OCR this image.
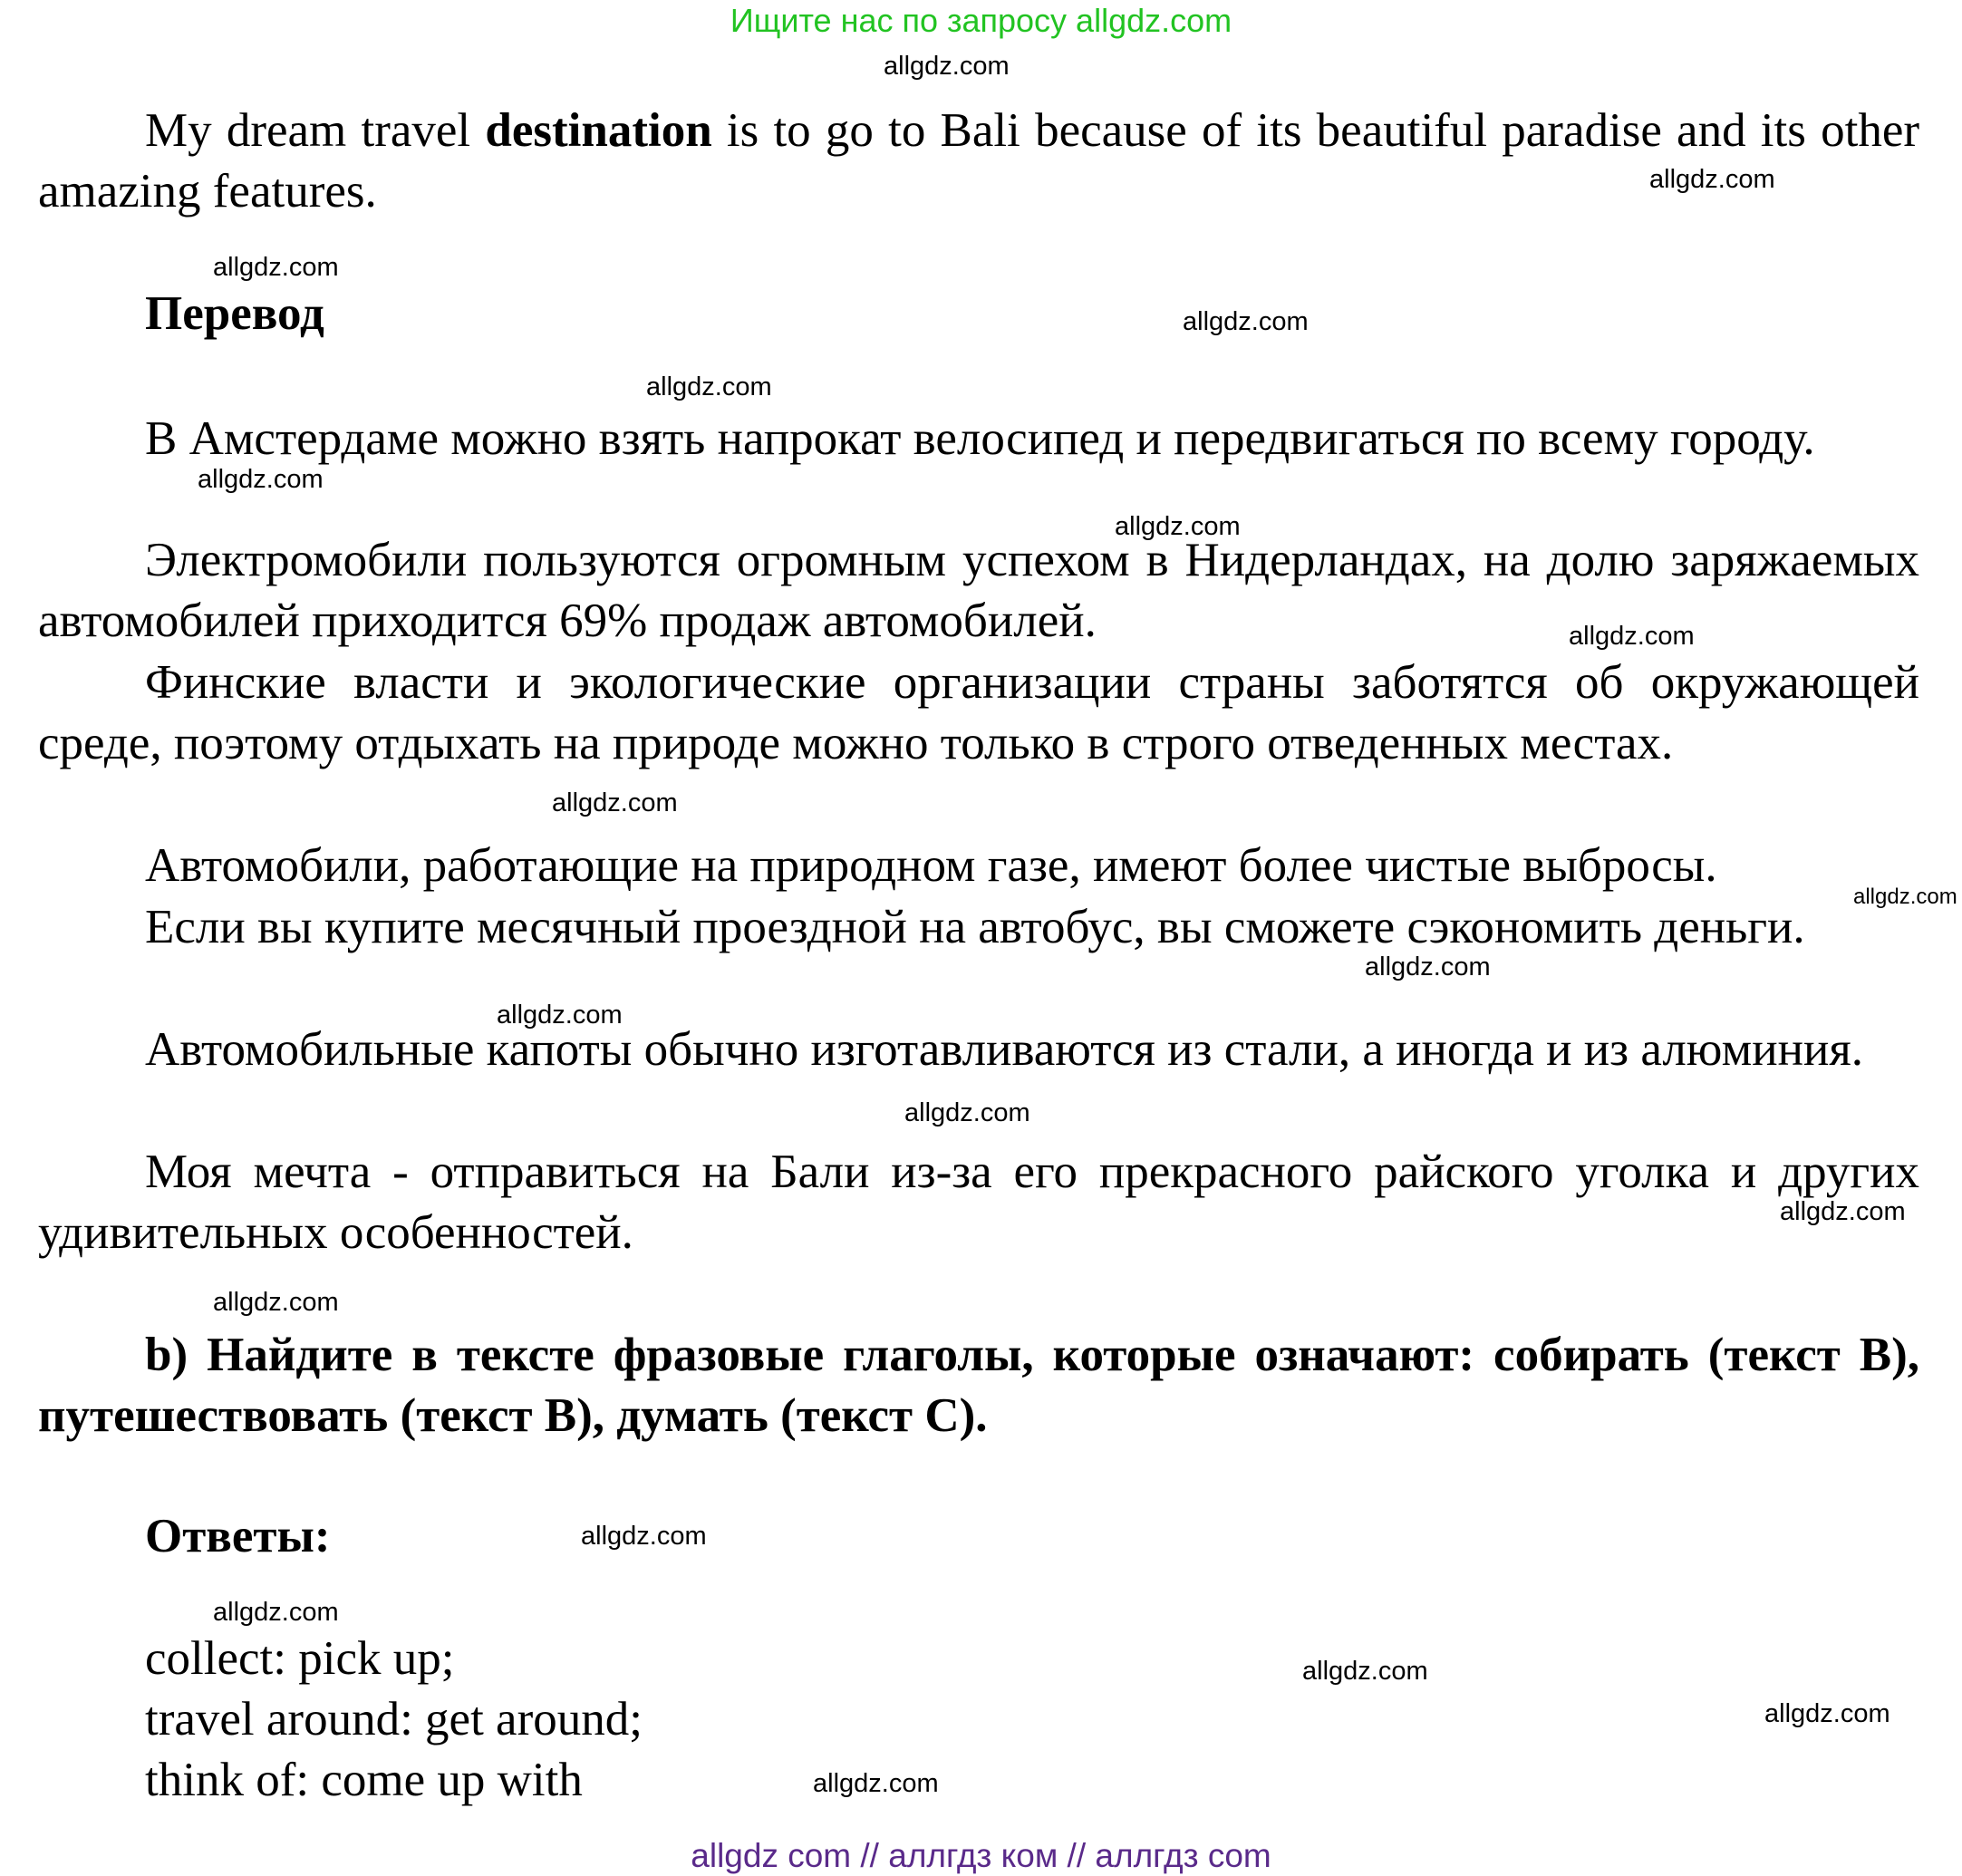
Ищите нас по запросу allgdz.com
allgdz.com
My dream travel destination is to go to Bali because of its beautiful paradise and its other amazing features.	allgdz.com
allgdz.com
Перевод	allgdz.com
allgdz.com
В Амстердаме можно взять напрокат велосипед и передвигаться по всему городу.
allgdz.com
allgdz.com
Электромобили пользуются огромным успехом в Нидерландах, на долю заряжаемых автомобилей приходится 69% продаж автомобилей.	allgdz.com
Финские власти и экологические организации страны заботятся об окружающей среде, поэтому отдыхать на природе можно только в строго отведенных местах.
allgdz.com
Автомобили, работающие на природном газе, имеют более чистые выбросы.
allgdz.com
Если вы купите месячный проездной на автобус, вы сможете сэкономить деньги.
allgdz.com
allgdz.com
Автомобильные капоты обычно изготавливаются из стали, а иногда и из алюминия.
allgdz.com
Моя мечта - отправиться на Бали из-за его прекрасного райского уголка и других удивительных особенностей.	allgdz.com
allgdz.com
b) Найдите в тексте фразовые глаголы, которые означают: собирать (текст В), путешествовать (текст В), думать (текст С).
Ответы:	allgdz.com
allgdz.com
collect: pick up;	allgdz.com
travel around: get around;	allgdz.com
think of: come up with	allgdz.com
allgdz com // аллгдз ком // аллгдз com
